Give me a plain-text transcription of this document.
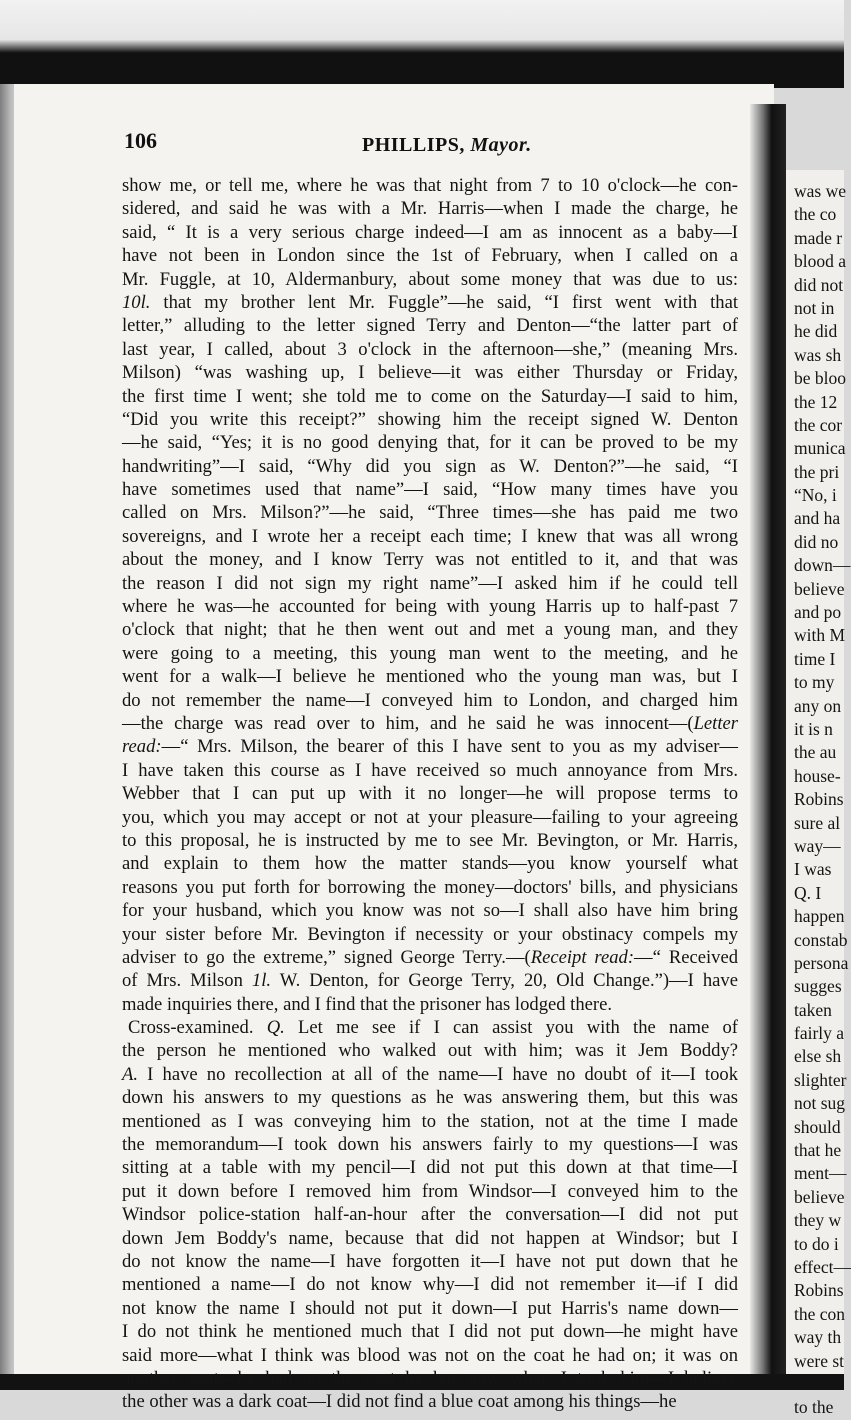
was we
the co
made r
blood a
did not
not in
he did
was sh
be bloo
the 12
the cor
munica
the pri
“No, i
and ha
did no
down—
believe
and po
with M
time I
to my
any on
it is n
the au
house-
Robins
sure al
way—
I was
Q. I
happen
constab
persona
sugges
taken
fairly a
else sh
slighter
not sug
should
that he
ment—
believe
they w
to do i
effect—
Robins
the con
way th
were st
to the
106	PHILLIPS, Mayor.
show me, or tell me, where he was that night from 7 to 10 o'clock—he con-
sidered, and said he was with a Mr. Harris—when I made the charge, he
said, “ It is a very serious charge indeed—I am as innocent as a baby—I
have not been in London since the 1st of February, when I called on a
Mr. Fuggle, at 10, Aldermanbury, about some money that was due to us:
10l. that my brother lent Mr. Fuggle”—he said, “I first went with that
letter,” alluding to the letter signed Terry and Denton—“the latter part of
last year, I called, about 3 o'clock in the afternoon—she,” (meaning Mrs.
Milson) “was washing up, I believe—it was either Thursday or Friday,
the first time I went; she told me to come on the Saturday—I said to him,
“Did you write this receipt?” showing him the receipt signed W. Denton
—he said, “Yes; it is no good denying that, for it can be proved to be my
handwriting”—I said, “Why did you sign as W. Denton?”—he said, “I
have sometimes used that name”—I said, “How many times have you
called on Mrs. Milson?”—he said, “Three times—she has paid me two
sovereigns, and I wrote her a receipt each time; I knew that was all wrong
about the money, and I know Terry was not entitled to it, and that was
the reason I did not sign my right name”—I asked him if he could tell
where he was—he accounted for being with young Harris up to half-past 7
o'clock that night; that he then went out and met a young man, and they
were going to a meeting, this young man went to the meeting, and he
went for a walk—I believe he mentioned who the young man was, but I
do not remember the name—I conveyed him to London, and charged him
—the charge was read over to him, and he said he was innocent—(Letter
read:—“ Mrs. Milson, the bearer of this I have sent to you as my adviser—
I have taken this course as I have received so much annoyance from Mrs.
Webber that I can put up with it no longer—he will propose terms to
you, which you may accept or not at your pleasure—failing to your agreeing
to this proposal, he is instructed by me to see Mr. Bevington, or Mr. Harris,
and explain to them how the matter stands—you know yourself what
reasons you put forth for borrowing the money—doctors' bills, and physicians
for your husband, which you know was not so—I shall also have him bring
your sister before Mr. Bevington if necessity or your obstinacy compels my
adviser to go the extreme,” signed George Terry.—(Receipt read:—“ Received
of Mrs. Milson 1l. W. Denton, for George Terry, 20, Old Change.”)—I have
made inquiries there, and I find that the prisoner has lodged there.
Cross-examined. Q. Let me see if I can assist you with the name of
the person he mentioned who walked out with him; was it Jem Boddy?
A. I have no recollection at all of the name—I have no doubt of it—I took
down his answers to my questions as he was answering them, but this was
mentioned as I was conveying him to the station, not at the time I made
the memorandum—I took down his answers fairly to my questions—I was
sitting at a table with my pencil—I did not put this down at that time—I
put it down before I removed him from Windsor—I conveyed him to the
Windsor police-station half-an-hour after the conversation—I did not put
down Jem Boddy's name, because that did not happen at Windsor; but I
do not know the name—I have forgotten it—I have not put down that he
mentioned a name—I do not know why—I did not remember it—if I did
not know the name I should not put it down—I put Harris's name down—
I do not think he mentioned much that I did not put down—he might have
said more—what I think was blood was not on the coat he had on; it was on
another coat—he had on the coat he has now when I took him—I believe
the other was a dark coat—I did not find a blue coat among his things—he
